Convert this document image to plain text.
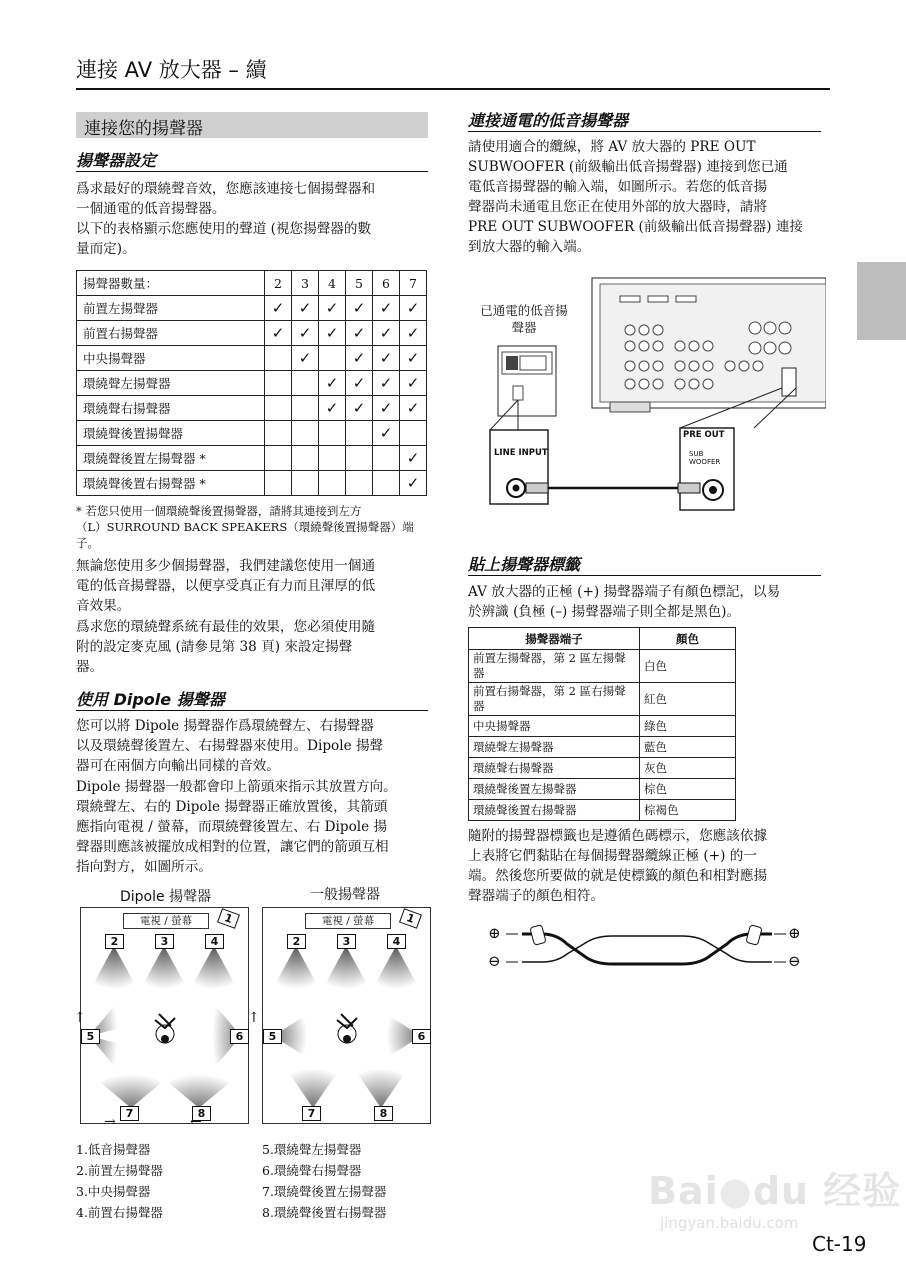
連接 AV 放大器 – 續
連接您的揚聲器
揚聲器設定
爲求最好的環繞聲音效，您應該連接七個揚聲器和
一個通電的低音揚聲器。
以下的表格顯示您應使用的聲道 (視您揚聲器的數
量而定)。
揚聲器數量：	2	3	4	5	6	7
前置左揚聲器	✓	✓	✓	✓	✓	✓
前置右揚聲器	✓	✓	✓	✓	✓	✓
中央揚聲器		✓		✓	✓	✓
環繞聲左揚聲器			✓	✓	✓	✓
環繞聲右揚聲器			✓	✓	✓	✓
環繞聲後置揚聲器					✓	
環繞聲後置左揚聲器 *						✓
環繞聲後置右揚聲器 *						✓
* 若您只使用一個環繞聲後置揚聲器，請將其連接到左方
（L）SURROUND BACK SPEAKERS（環繞聲後置揚聲器）端
子。
無論您使用多少個揚聲器，我們建議您使用一個通
電的低音揚聲器，以便享受真正有力而且渾厚的低
音效果。
爲求您的環繞聲系統有最佳的效果，您必須使用隨
附的設定麥克風 (請參見第 38 頁) 來設定揚聲
器。
使用 Dipole 揚聲器
您可以將 Dipole 揚聲器作爲環繞聲左、右揚聲器
以及環繞聲後置左、右揚聲器來使用。Dipole 揚聲
器可在兩個方向輸出同樣的音效。
Dipole 揚聲器一般都會印上箭頭來指示其放置方向。
環繞聲左、右的 Dipole 揚聲器正確放置後，其箭頭
應指向電視 / 螢幕，而環繞聲後置左、右 Dipole 揚
聲器則應該被擺放成相對的位置，讓它們的箭頭互相
指向對方，如圖所示。
Dipole 揚聲器	一般揚聲器
電視 / 螢幕	1
2	3	4
5	6
7	8
↑	↑
→	←
電視 / 螢幕	1
2	3	4
5	6
7	8
1.低音揚聲器
2.前置左揚聲器
3.中央揚聲器
4.前置右揚聲器
5.環繞聲左揚聲器
6.環繞聲右揚聲器
7.環繞聲後置左揚聲器
8.環繞聲後置右揚聲器
連接通電的低音揚聲器
請使用適合的纜線，將 AV 放大器的 PRE OUT
SUBWOOFER (前級輸出低音揚聲器) 連接到您已通
電低音揚聲器的輸入端，如圖所示。若您的低音揚
聲器尚未通電且您正在使用外部的放大器時，請將
PRE OUT SUBWOOFER (前級輸出低音揚聲器) 連接
到放大器的輸入端。
已通電的低音揚
聲器
LINE INPUT
PRE OUT
SUB
WOOFER
貼上揚聲器標籤
AV 放大器的正極 (+) 揚聲器端子有顏色標記，以易
於辨識 (負極 (–) 揚聲器端子則全都是黑色)。
揚聲器端子	顏色
前置左揚聲器，第 2 區左揚聲器	白色
前置右揚聲器，第 2 區右揚聲器	紅色
中央揚聲器	綠色
環繞聲左揚聲器	藍色
環繞聲右揚聲器	灰色
環繞聲後置左揚聲器	棕色
環繞聲後置右揚聲器	棕褐色
隨附的揚聲器標籤也是遵循色碼標示，您應該依據
上表將它們黏貼在每個揚聲器纜線正極 (+) 的一
端。然後您所要做的就是使標籤的顏色和相對應揚
聲器端子的顏色相符。
⊕
⊖
⊕
⊖
Bai●du 经验
jingyan.baidu.com
Ct-19
